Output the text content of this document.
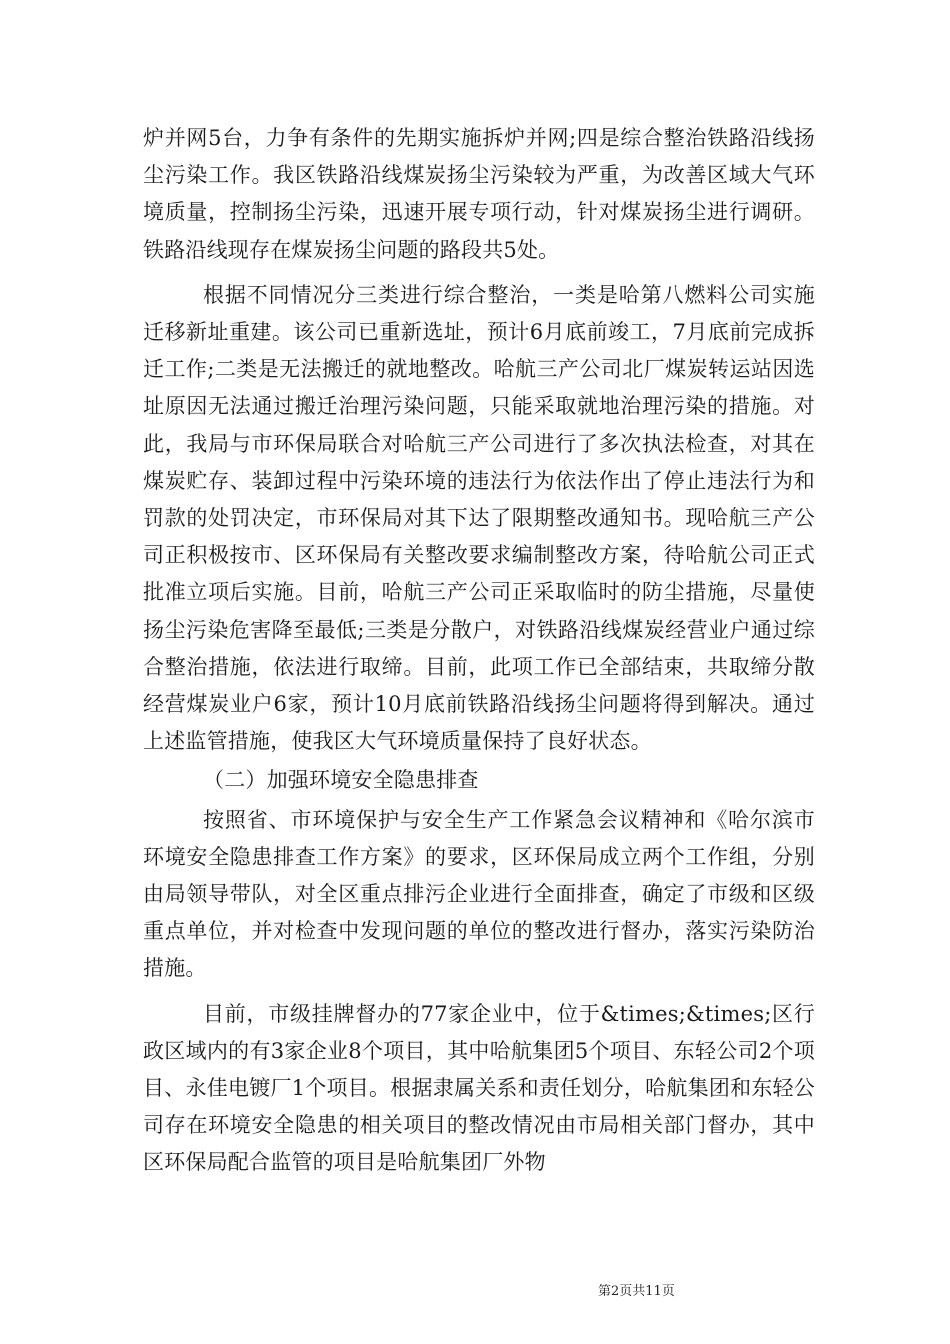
炉并网5台，力争有条件的先期实施拆炉并网;四是综合整治铁路沿线扬尘污染工作。我区铁路沿线煤炭扬尘污染较为严重，为改善区域大气环境质量，控制扬尘污染，迅速开展专项行动，针对煤炭扬尘进行调研。铁路沿线现存在煤炭扬尘问题的路段共5处。

根据不同情况分三类进行综合整治，一类是哈第八燃料公司实施迁移新址重建。该公司已重新选址，预计6月底前竣工，7月底前完成拆迁工作;二类是无法搬迁的就地整改。哈航三产公司北厂煤炭转运站因选址原因无法通过搬迁治理污染问题，只能采取就地治理污染的措施。对此，我局与市环保局联合对哈航三产公司进行了多次执法检查，对其在煤炭贮存、装卸过程中污染环境的违法行为依法作出了停止违法行为和罚款的处罚决定，市环保局对其下达了限期整改通知书。现哈航三产公司正积极按市、区环保局有关整改要求编制整改方案，待哈航公司正式批准立项后实施。目前，哈航三产公司正采取临时的防尘措施，尽量使扬尘污染危害降至最低;三类是分散户，对铁路沿线煤炭经营业户通过综合整治措施，依法进行取缔。目前，此项工作已全部结束，共取缔分散经营煤炭业户6家，预计10月底前铁路沿线扬尘问题将得到解决。通过上述监管措施，使我区大气环境质量保持了良好状态。

（二）加强环境安全隐患排查

按照省、市环境保护与安全生产工作紧急会议精神和《哈尔滨市环境安全隐患排查工作方案》的要求，区环保局成立两个工作组，分别由局领导带队，对全区重点排污企业进行全面排查，确定了市级和区级重点单位，并对检查中发现问题的单位的整改进行督办，落实污染防治措施。

目前，市级挂牌督办的77家企业中，位于&times;&times;区行政区域内的有3家企业8个项目，其中哈航集团5个项目、东轻公司2个项目、永佳电镀厂1个项目。根据隶属关系和责任划分，哈航集团和东轻公司存在环境安全隐患的相关项目的整改情况由市局相关部门督办，其中区环保局配合监管的项目是哈航集团厂外物

第2页共11页
